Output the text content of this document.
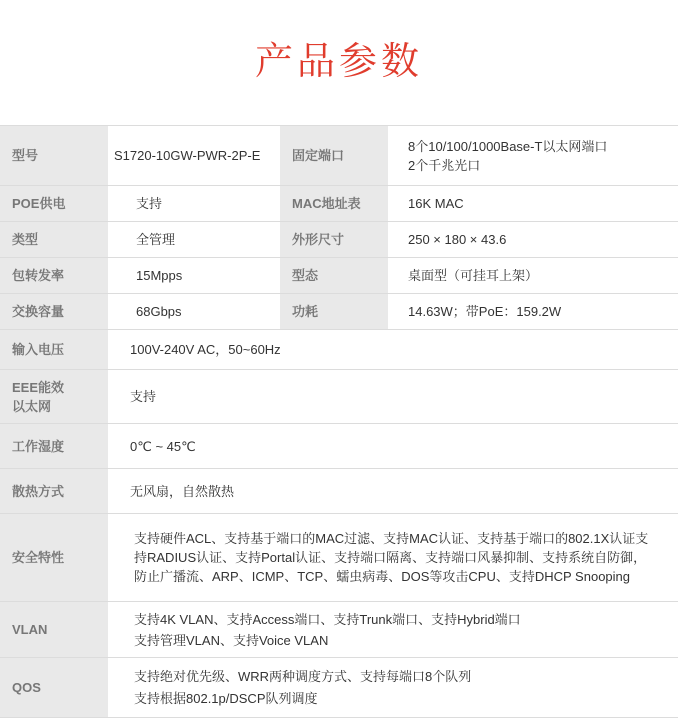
产品参数
型号	S1720-10GW-PWR-2P-E	固定端口	8个10/100/1000Base-T以太网端口
2个千兆光口

POE供电	支持	MAC地址表	16K MAC
类型	全管理	外形尺寸	250 × 180 × 43.6
包转发率	15Mpps	型态	桌面型（可挂耳上架）
交换容量	68Gbps	功耗	14.63W；带PoE：159.2W
输入电压	100V-240V AC，50~60Hz		

EEE能效
以太网	支持		
工作湿度	0℃ ~ 45℃		
散热方式	无风扇，自然散热		
安全特性	支持硬件ACL、支持基于端口的MAC过滤、支持MAC认证、支持基于端口的802.1X认证支持RADIUS认证、支持Portal认证、支持端口隔离、支持端口风暴抑制、支持系统自防御，防止广播流、ARP、ICMP、TCP、蠕虫病毒、DOS等攻击CPU、支持DHCP Snooping		
VLAN	支持4K VLAN、支持Access端口、支持Trunk端口、支持Hybrid端口
支持管理VLAN、支持Voice VLAN		

QOS	支持绝对优先级、WRR两种调度方式、支持每端口8个队列
支持根据802.1p/DSCP队列调度		
